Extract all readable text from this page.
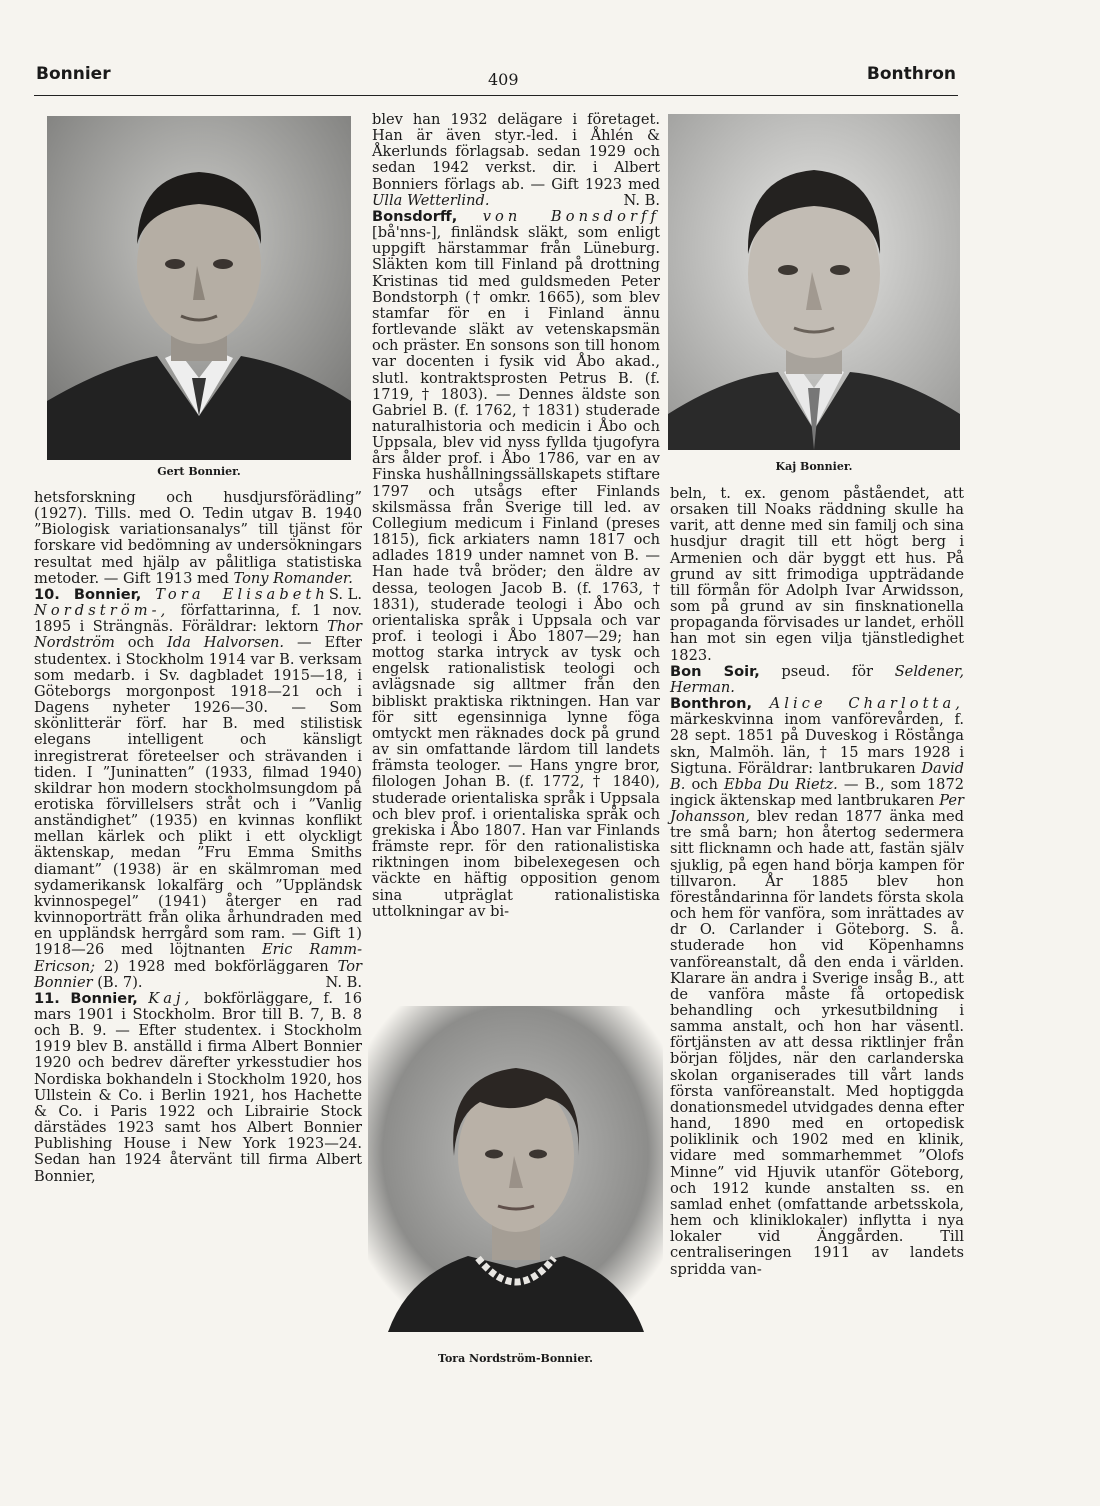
Bonnier	409	Bonthron
Gert Bonnier.	Kaj Bonnier.
Tora Nordström-Bonnier.

hetsforskning och husdjursförädling” (1927). Tills. med O. Tedin utgav B. 1940 ”Biologisk variationsanalys” till tjänst för forskare vid bedömning av undersökningars resultat med hjälp av pålitliga statistiska metoder. — Gift 1913 med Tony Romander.
S. L.

10. Bonnier, Tora Elisabeth Nordström-, författarinna, f. 1 nov. 1895 i Strängnäs. Föräldrar: lektorn Thor Nordström och Ida Halvorsen. — Efter studentex. i Stockholm 1914 var B. verksam som medarb. i Sv. dagbladet 1915—18, i Göteborgs morgonpost 1918—21 och i Dagens nyheter 1926—30. — Som skönlitterär förf. har B. med stilistisk elegans intelligent och känsligt inregistrerat företeelser och strävanden i tiden. I ”Juninatten” (1933, filmad 1940) skildrar hon modern stockholmsungdom på erotiska förvillelsers stråt och i ”Vanlig anständighet” (1935) en kvinnas konflikt mellan kärlek och plikt i ett olyckligt äktenskap, medan ”Fru Emma Smiths diamant” (1938) är en skälmroman med sydamerikansk lokalfärg och ”Uppländsk kvinnospegel” (1941) återger en rad kvinnoporträtt från olika århundraden med en uppländsk herrgård som ram. — Gift 1) 1918—26 med löjtnanten Eric Ramm-Ericson; 2) 1928 med bokförläggaren Tor Bonnier (B. 7).	N. B.

11. Bonnier, Kaj, bokförläggare, f. 16 mars 1901 i Stockholm. Bror till B. 7, B. 8 och B. 9. — Efter studentex. i Stockholm 1919 blev B. anställd i firma Albert Bonnier 1920 och bedrev därefter yrkesstudier hos Nordiska bokhandeln i Stockholm 1920, hos Ullstein & Co. i Berlin 1921, hos Hachette & Co. i Paris 1922 och Librairie Stock därstädes 1923 samt hos Albert Bonnier Publishing House i New York 1923—24. Sedan han 1924 återvänt till firma Albert Bonnier,

blev han 1932 delägare i företaget. Han är även styr.-led. i Åhlén & Åkerlunds förlagsab. sedan 1929 och sedan 1942 verkst. dir. i Albert Bonniers förlags ab. — Gift 1923 med Ulla Wetterlind.	N. B.

Bonsdorff, von Bonsdorff [bå'nns-], finländsk släkt, som enligt uppgift härstammar från Lüneburg. Släkten kom till Finland på drottning Kristinas tid med guldsmeden Peter Bondstorph († omkr. 1665), som blev stamfar för en i Finland ännu fortlevande släkt av vetenskapsmän och präster. En sonsons son till honom var docenten i fysik vid Åbo akad., slutl. kontraktsprosten Petrus B. (f. 1719, † 1803). — Dennes äldste son Gabriel B. (f. 1762, † 1831) studerade naturalhistoria och medicin i Åbo och Uppsala, blev vid nyss fyllda tjugofyra års ålder prof. i Åbo 1786, var en av Finska hushållningssällskapets stiftare 1797 och utsågs efter Finlands skilsmässa från Sverige till led. av Collegium medicum i Finland (preses 1815), fick arkiaters namn 1817 och adlades 1819 under namnet von B. — Han hade två bröder; den äldre av dessa, teologen Jacob B. (f. 1763, † 1831), studerade teologi i Åbo och orientaliska språk i Uppsala och var prof. i teologi i Åbo 1807—29; han mottog starka intryck av tysk och engelsk rationalistisk teologi och avlägsnade sig alltmer från den bibliskt praktiska riktningen. Han var för sitt egensinniga lynne föga omtyckt men räknades dock på grund av sin omfattande lärdom till landets främsta teologer. — Hans yngre bror, filologen Johan B. (f. 1772, † 1840), studerade orientaliska språk i Uppsala och blev prof. i orientaliska språk och grekiska i Åbo 1807. Han var Finlands främste repr. för den rationalistiska riktningen inom bibelexegesen och väckte en häftig opposition genom sina utpräglat rationalistiska uttolkningar av bi-

beln, t. ex. genom påståendet, att orsaken till Noaks räddning skulle ha varit, att denne med sin familj och sina husdjur dragit till ett högt berg i Armenien och där byggt ett hus. På grund av sitt frimodiga uppträdande till förmån för Adolph Ivar Arwidsson, som på grund av sin finsknationella propaganda förvisades ur landet, erhöll han mot sin egen vilja tjänstledighet 1823.

Bon Soir, pseud. för Seldener, Herman.

Bonthron, Alice Charlotta, märkeskvinna inom vanförevården, f. 28 sept. 1851 på Duveskog i Röstånga skn, Malmöh. län, † 15 mars 1928 i Sigtuna. Föräldrar: lantbrukaren David B. och Ebba Du Rietz. — B., som 1872 ingick äktenskap med lantbrukaren Per Johansson, blev redan 1877 änka med tre små barn; hon återtog sedermera sitt flicknamn och hade att, fastän själv sjuklig, på egen hand börja kampen för tillvaron. År 1885 blev hon föreståndarinna för landets första skola och hem för vanföra, som inrättades av dr O. Carlander i Göteborg. S. å. studerade hon vid Köpenhamns vanföreanstalt, då den enda i världen. Klarare än andra i Sverige insåg B., att de vanföra måste få ortopedisk behandling och yrkesutbildning i samma anstalt, och hon har väsentl. förtjänsten av att dessa riktlinjer från början följdes, när den carlanderska skolan organiserades till vårt lands första vanföreanstalt. Med hoptiggda donationsmedel utvidgades denna efter hand, 1890 med en ortopedisk poliklinik och 1902 med en klinik, vidare med sommarhemmet ”Olofs Minne” vid Hjuvik utanför Göteborg, och 1912 kunde anstalten ss. en samlad enhet (omfattande arbetsskola, hem och kliniklokaler) inflytta i nya lokaler vid Änggården. Till centraliseringen 1911 av landets spridda van-
